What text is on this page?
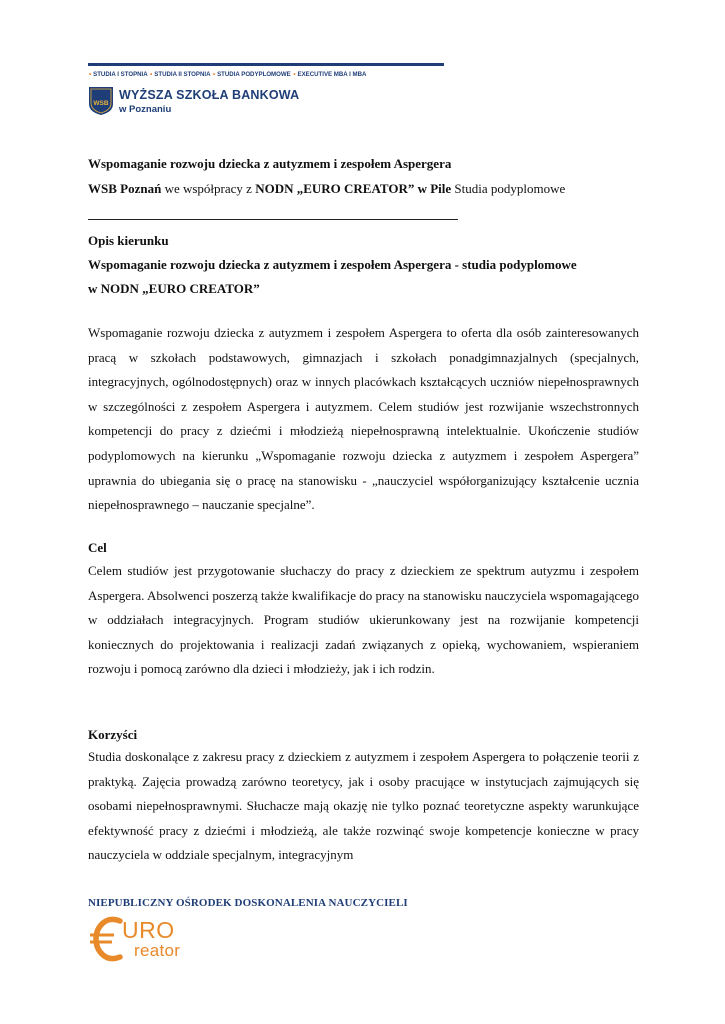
• STUDIA I STOPNIA • STUDIA II STOPNIA • STUDIA PODYPLOMOWE • EXECUTIVE MBA I MBA
WSB
WYŻSZA SZKOŁA BANKOWA
w Poznaniu
Wspomaganie rozwoju dziecka z autyzmem i zespołem Aspergera
WSB Poznań we współpracy z NODN „EURO CREATOR” w Pile Studia podyplomowe
Opis kierunku
Wspomaganie rozwoju dziecka z autyzmem i zespołem Aspergera - studia podyplomowe
w NODN „EURO CREATOR”
Wspomaganie rozwoju dziecka z autyzmem i zespołem Aspergera to oferta dla osób zainteresowanych pracą w szkołach podstawowych, gimnazjach i szkołach ponadgimnazjalnych (specjalnych, integracyjnych, ogólnodostępnych) oraz w innych placówkach kształcących uczniów niepełnosprawnych w szczególności z zespołem Aspergera i autyzmem. Celem studiów jest rozwijanie wszechstronnych kompetencji do pracy z dziećmi i młodzieżą niepełnosprawną intelektualnie. Ukończenie studiów podyplomowych na kierunku „Wspomaganie rozwoju dziecka z autyzmem i zespołem Aspergera” uprawnia do ubiegania się o pracę na stanowisku - „nauczyciel współorganizujący kształcenie ucznia niepełnosprawnego – nauczanie specjalne”.
Cel
Celem studiów jest przygotowanie słuchaczy do pracy z dzieckiem ze spektrum autyzmu i zespołem Aspergera. Absolwenci poszerzą także kwalifikacje do pracy na stanowisku nauczyciela wspomagającego w oddziałach integracyjnych. Program studiów ukierunkowany jest na rozwijanie kompetencji koniecznych do projektowania i realizacji zadań związanych z opieką, wychowaniem, wspieraniem rozwoju i pomocą zarówno dla dzieci i młodzieży, jak i ich rodzin.
Korzyści
Studia doskonalące z zakresu pracy z dzieckiem z autyzmem i zespołem Aspergera to połączenie teorii z praktyką. Zajęcia prowadzą zarówno teoretycy, jak i osoby pracujące w instytucjach zajmujących się osobami niepełnosprawnymi. Słuchacze mają okazję nie tylko poznać teoretyczne aspekty warunkujące efektywność pracy z dziećmi i młodzieżą, ale także rozwinąć swoje kompetencje konieczne w pracy nauczyciela w oddziale specjalnym, integracyjnym
NIEPUBLICZNY OŚRODEK DOSKONALENIA NAUCZYCIELI
URO
reator
